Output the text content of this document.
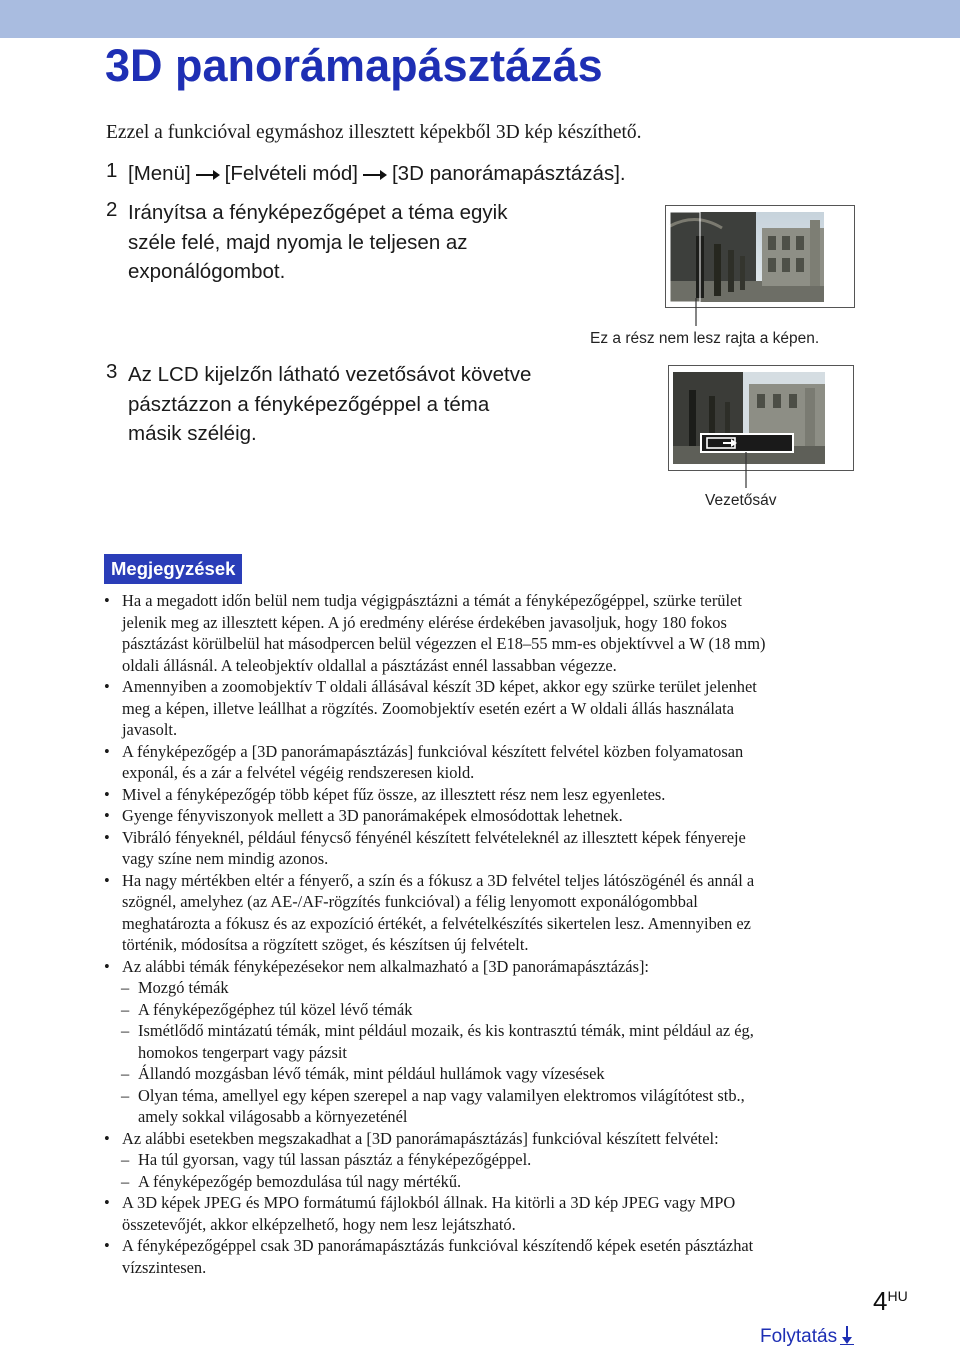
3D panorámapásztázás

Ezzel a funkcióval egymáshoz illesztett képekből 3D kép készíthető.

1 [Menü] [Felvételi mód] [3D panorámapásztázás].
2 Irányítsa a fényképezőgépet a téma egyik
széle felé, majd nyomja le teljesen az
exponálógombot.
3 Az LCD kijelzőn látható vezetősávot követve
pásztázzon a fényképezőgéppel a téma
másik széléig.
Ez a rész nem lesz rajta a képen.
Vezetősáv
Megjegyzések
• Ha a megadott időn belül nem tudja végigpásztázni a témát a fényképezőgéppel, szürke terület
jelenik meg az illesztett képen. A jó eredmény elérése érdekében javasoljuk, hogy 180 fokos
pásztázást körülbelül hat másodpercen belül végezzen el E18–55 mm-es objektívvel a W (18 mm)
oldali állásnál. A teleobjektív oldallal a pásztázást ennél lassabban végezze.
• Amennyiben a zoomobjektív T oldali állásával készít 3D képet, akkor egy szürke terület jelenhet
meg a képen, illetve leállhat a rögzítés. Zoomobjektív esetén ezért a W oldali állás használata
javasolt.
• A fényképezőgép a [3D panorámapásztázás] funkcióval készített felvétel közben folyamatosan
exponál, és a zár a felvétel végéig rendszeresen kiold.
• Mivel a fényképezőgép több képet fűz össze, az illesztett rész nem lesz egyenletes.
• Gyenge fényviszonyok mellett a 3D panorámaképek elmosódottak lehetnek.
• Vibráló fényeknél, például fénycső fényénél készített felvételeknél az illesztett képek fényereje
vagy színe nem mindig azonos.
• Ha nagy mértékben eltér a fényerő, a szín és a fókusz a 3D felvétel teljes látószögénél és annál a
szögnél, amelyhez (az AE-/AF-rögzítés funkcióval) a félig lenyomott exponálógombbal
meghatározta a fókusz és az expozíció értékét, a felvételkészítés sikertelen lesz. Amennyiben ez
történik, módosítsa a rögzített szöget, és készítsen új felvételt.
• Az alábbi témák fényképezésekor nem alkalmazható a [3D panorámapásztázás]:
– Mozgó témák
– A fényképezőgéphez túl közel lévő témák
– Ismétlődő mintázatú témák, mint például mozaik, és kis kontrasztú témák, mint például az ég,
homokos tengerpart vagy pázsit
– Állandó mozgásban lévő témák, mint például hullámok vagy vízesések
– Olyan téma, amellyel egy képen szerepel a nap vagy valamilyen elektromos világítótest stb.,
amely sokkal világosabb a környezeténél
• Az alábbi esetekben megszakadhat a [3D panorámapásztázás] funkcióval készített felvétel:
– Ha túl gyorsan, vagy túl lassan pásztáz a fényképezőgéppel.
– A fényképezőgép bemozdulása túl nagy mértékű.
• A 3D képek JPEG és MPO formátumú fájlokból állnak. Ha kitörli a 3D kép JPEG vagy MPO
összetevőjét, akkor elképzelhető, hogy nem lesz lejátszható.
• A fényképezőgéppel csak 3D panorámapásztázás funkcióval készítendő képek esetén pásztázhat
vízszintesen.
$4^{HU}$
Folytatás
